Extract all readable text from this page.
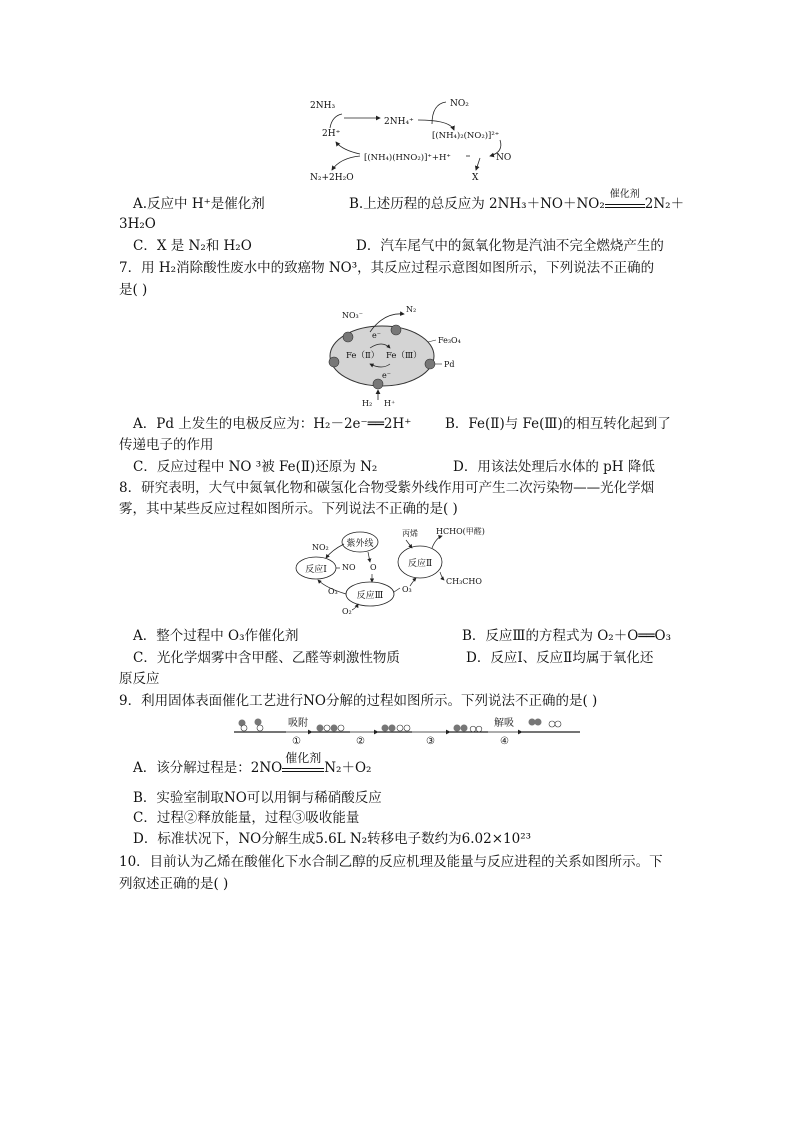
2NH₃
2NH₄⁺
NO₂
[(NH₄)₂(NO₂)]²⁺
NO
X
2H⁺
[(NH₄)(HNO₂)]⁺+H⁺
N₂+2H₂O
A.反应中 H⁺是催化剂	B.上述历程的总反应为 2NH₃＋NO＋NO₂
催化剂
2N₂＋
3H₂O
C．X 是 N₂和 H₂O	D．汽车尾气中的氮氧化物是汽油不完全燃烧产生的
7．用 H₂消除酸性废水中的致癌物 NO³，其反应过程示意图如图所示，下列说法不正确的
是( )
NO₃⁻
N₂
e⁻
Fe（Ⅱ） Fe（Ⅲ）
e⁻
H₂ H⁺
Fe₃O₄
Pd
A．Pd 上发生的电极反应为：H₂－2e⁻══2H⁺ B．Fe(Ⅱ)与 Fe(Ⅲ)的相互转化起到了
传递电子的作用
C．反应过程中 NO ³被 Fe(Ⅱ)还原为 N₂	D．用该法处理后水体的 pH 降低
8．研究表明，大气中氮氧化物和碳氢化合物受紫外线作用可产生二次污染物——光化学烟
雾，其中某些反应过程如图所示。下列说法不正确的是( )
紫外线
反应Ⅰ
反应Ⅱ
反应Ⅲ
NO₂
NO O
O₃	O₃
O₂
丙烯 HCHO(甲醛)
CH₃CHO
A．整个过程中 O₃作催化剂	B．反应Ⅲ的方程式为 O₂＋O══O₃
C．光化学烟雾中含甲醛、乙醛等刺激性物质	D．反应Ⅰ、反应Ⅱ均属于氧化还
原反应
9．利用固体表面催化工艺进行NO分解的过程如图所示。下列说法不正确的是( )
吸附
①	②	③
解吸
④
A．该分解过程是：2NO
催化剂
N₂＋O₂
B．实验室制取NO可以用铜与稀硝酸反应
C．过程②释放能量，过程③吸收能量
D．标准状况下，NO分解生成5.6L N₂转移电子数约为6.02×10²³
10．目前认为乙烯在酸催化下水合制乙醇的反应机理及能量与反应进程的关系如图所示。下
列叙述正确的是( )
